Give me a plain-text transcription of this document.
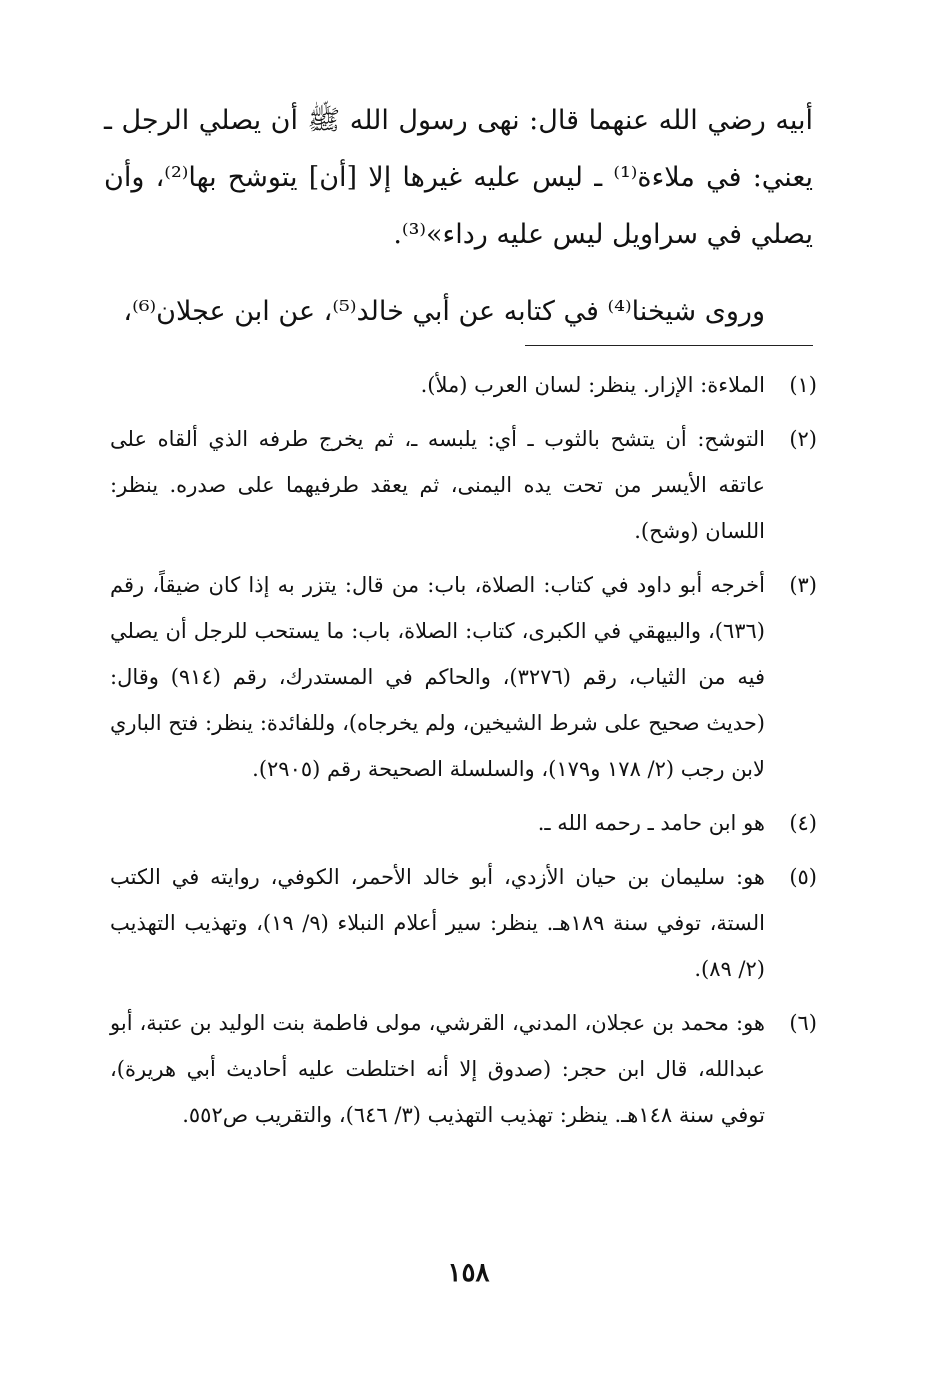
أبيه رضي الله عنهما قال: نهى رسول الله ﷺ أن يصلي الرجل ـ يعني: في ملاءة⁽¹⁾ ـ ليس عليه غيرها إلا [أن] يتوشح بها⁽²⁾، وأن يصلي في سراويل ليس عليه رداء»⁽³⁾.

وروى شيخنا⁽⁴⁾ في كتابه عن أبي خالد⁽⁵⁾، عن ابن عجلان⁽⁶⁾،

(١)
الملاءة: الإزار. ينظر: لسان العرب (ملأ).
(٢)
التوشح: أن يتشح بالثوب ـ أي: يلبسه ـ، ثم يخرج طرفه الذي ألقاه على عاتقه الأيسر من تحت يده اليمنى، ثم يعقد طرفيهما على صدره. ينظر: اللسان (وشح).
(٣)
أخرجه أبو داود في كتاب: الصلاة، باب: من قال: يتزر به إذا كان ضيقاً، رقم (٦٣٦)، والبيهقي في الكبرى، كتاب: الصلاة، باب: ما يستحب للرجل أن يصلي فيه من الثياب، رقم (٣٢٧٦)، والحاكم في المستدرك، رقم (٩١٤) وقال: (حديث صحيح على شرط الشيخين، ولم يخرجاه)، وللفائدة: ينظر: فتح الباري لابن رجب (٢/ ١٧٨ و١٧٩)، والسلسلة الصحيحة رقم (٢٩٠٥).
(٤)
هو ابن حامد ـ رحمه الله ـ.
(٥)
هو: سليمان بن حيان الأزدي، أبو خالد الأحمر، الكوفي، روايته في الكتب الستة، توفي سنة ١٨٩هـ. ينظر: سير أعلام النبلاء (٩/ ١٩)، وتهذيب التهذيب (٢/ ٨٩).
(٦)
هو: محمد بن عجلان، المدني، القرشي، مولى فاطمة بنت الوليد بن عتبة، أبو عبدالله، قال ابن حجر: (صدوق إلا أنه اختلطت عليه أحاديث أبي هريرة)، توفي سنة ١٤٨هـ. ينظر: تهذيب التهذيب (٣/ ٦٤٦)، والتقريب ص٥٥٢.
١٥٨
